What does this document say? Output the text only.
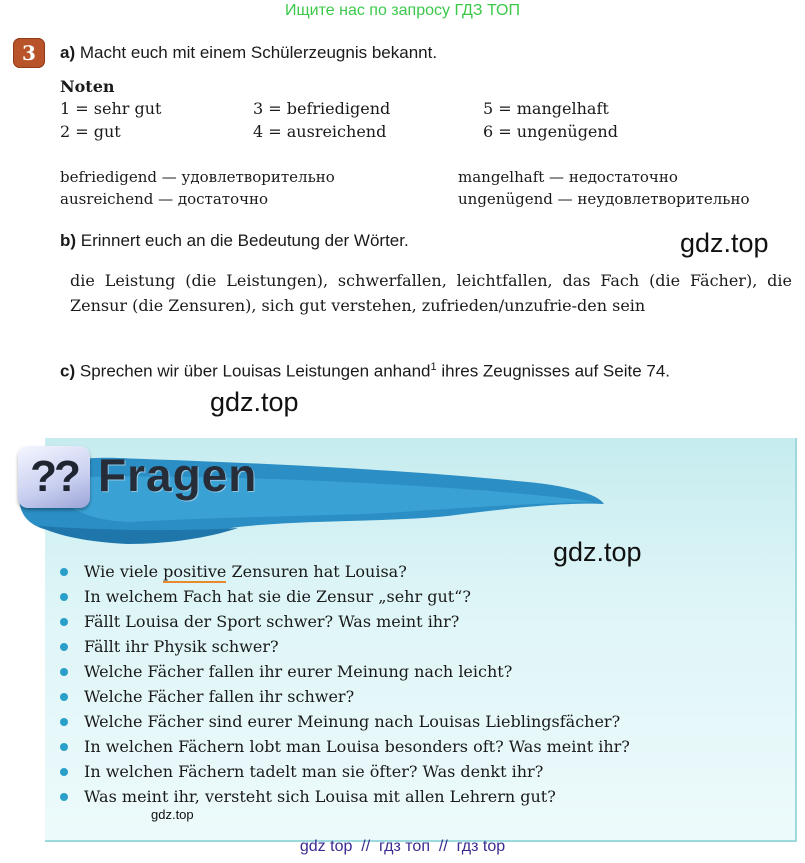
Ищите нас по запросу ГДЗ ТОП
3	a) Macht euch mit einem Schülerzeugnis bekannt.
Noten
1 = sehr gut
2 = gut
3 = befriedigend
4 = ausreichend
5 = mangelhaft
6 = ungenügend
befriedigend — удовлетворительно
ausreichend — достаточно
mangelhaft — недостаточно
ungenügend — неудовлетворительно
b) Erinnert euch an die Bedeutung der Wörter.	gdz.top
die Leistung (die Leistungen), schwerfallen, leichtfallen, das Fach (die Fächer), die Zensur (die Zensuren), sich gut verstehen, zufrieden/unzufrie-den sein
c) Sprechen wir über Louisas Leistungen anhand$^1$ ihres Zeugnisses auf Seite 74.
gdz.top
?? Fragen
gdz.top
Wie viele positive Zensuren hat Louisa?
In welchem Fach hat sie die Zensur „sehr gut“?
Fällt Louisa der Sport schwer? Was meint ihr?
Fällt ihr Physik schwer?
Welche Fächer fallen ihr eurer Meinung nach leicht?
Welche Fächer fallen ihr schwer?
Welche Fächer sind eurer Meinung nach Louisas Lieblingsfächer?
In welchen Fächern lobt man Louisa besonders oft? Was meint ihr?
In welchen Fächern tadelt man sie öfter? Was denkt ihr?
Was meint ihr, versteht sich Louisa mit allen Lehrern gut?
gdz.top
gdz top  //  гдз топ  //  гдз top
